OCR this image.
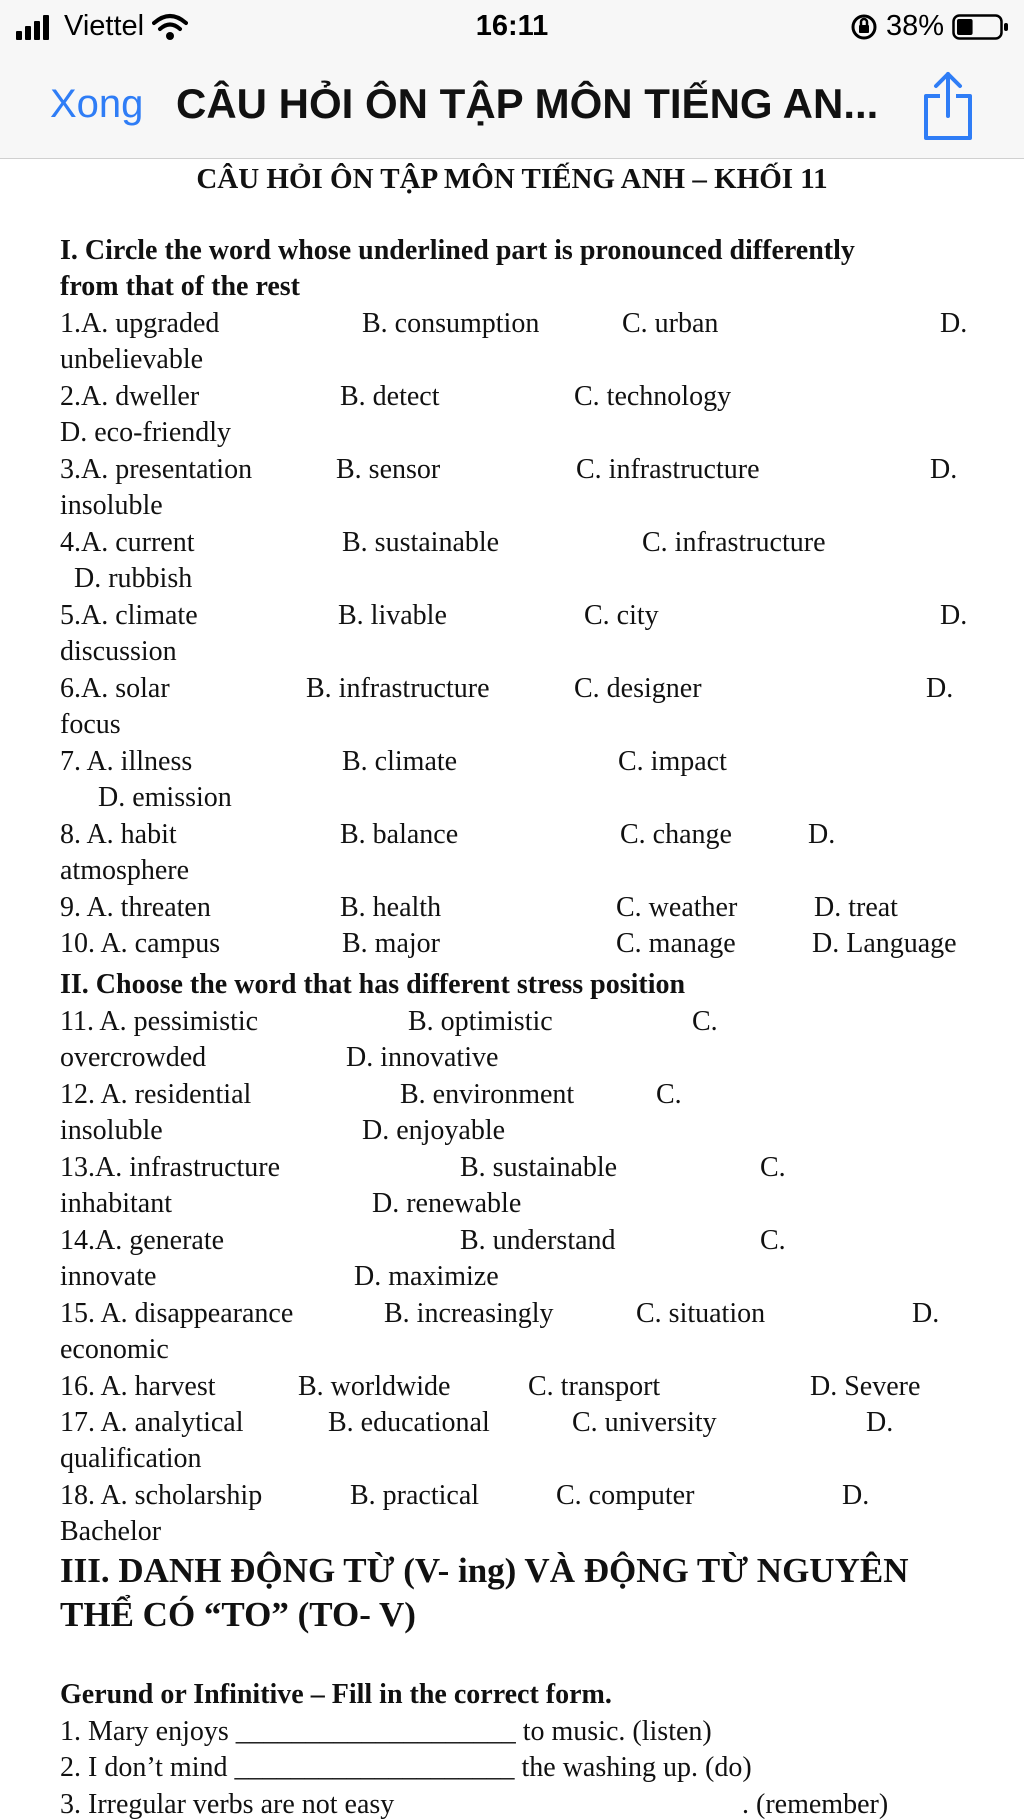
Viettel	16:11	38%
Xong CÂU HỎI ÔN TẬP MÔN TIẾNG AN...
CÂU HỎI ÔN TẬP MÔN TIẾNG ANH – KHỐI 11
I. Circle the word whose underlined part is pronounced differently
from that of the rest
1.A. upgraded	B. consumption	C. urban	D.
unbelievable
2.A. dweller	B. detect	C. technology
D. eco-friendly
3.A. presentation	B. sensor	C. infrastructure	D.
insoluble
4.A. current	B. sustainable	C. infrastructure
D. rubbish
5.A. climate	B. livable	C. city	D.
discussion
6.A. solar	B. infrastructure	C. designer	D.
focus
7. A. illness	B. climate	C. impact
D. emission
8. A. habit	B. balance	C. change	D.
atmosphere
9. A. threaten	B. health	C. weather	D. treat
10. A. campus	B. major	C. manage	D. Language
II. Choose the word that has different stress position
11. A. pessimistic	B. optimistic	C.
overcrowded	D. innovative
12. A. residential	B. environment	C.
insoluble	D. enjoyable
13.A. infrastructure	B. sustainable	C.
inhabitant	D. renewable
14.A. generate	B. understand	C.
innovate	D. maximize
15. A. disappearance	B. increasingly	C. situation	D.
economic
16. A. harvest	B. worldwide	C. transport	D. Severe
17. A. analytical	B. educational	C. university	D.
qualification
18. A. scholarship	B. practical	C. computer	D.
Bachelor
III. DANH ĐỘNG TỪ (V- ing) VÀ ĐỘNG TỪ NGUYÊN
THỂ CÓ “TO” (TO- V)
Gerund or Infinitive – Fill in the correct form.
1. Mary enjoys ____________________ to music. (listen)
2. I don’t mind ____________________ the washing up. (do)
3. Irregular verbs are not easy	. (remember)
